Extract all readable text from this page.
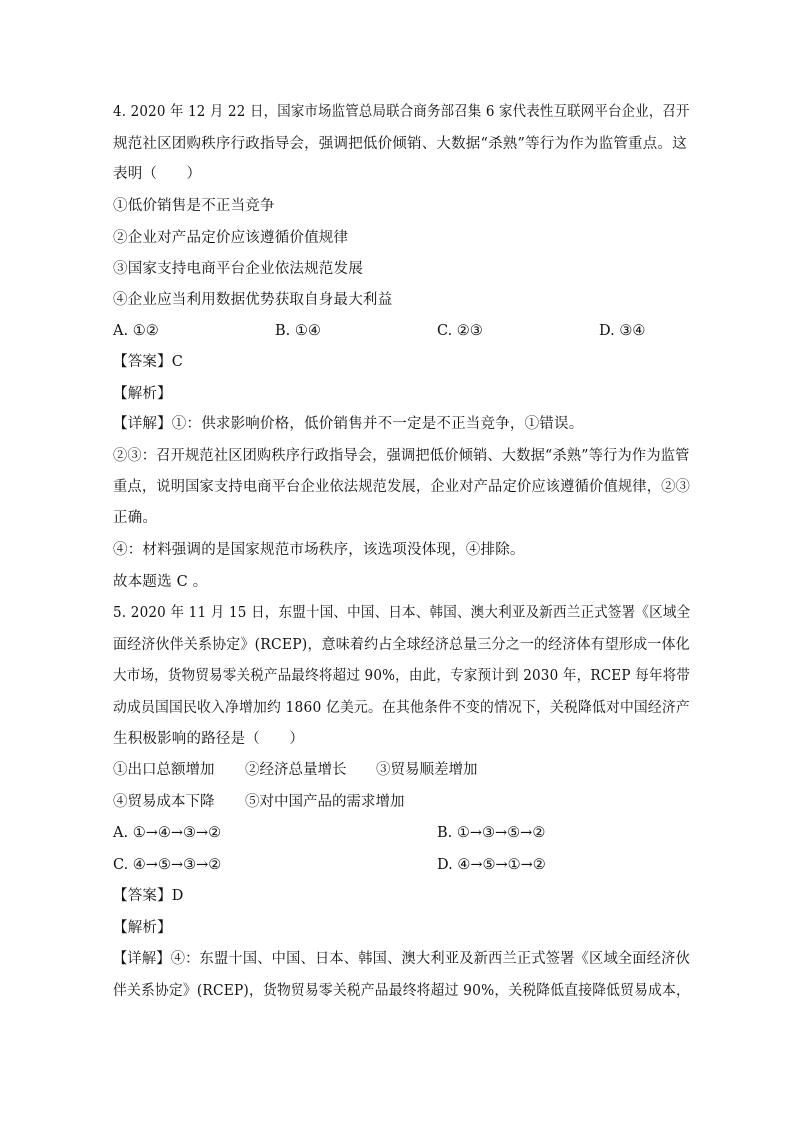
4. 2020 年 12 月 22 日，国家市场监管总局联合商务部召集 6 家代表性互联网平台企业，召开
规范社区团购秩序行政指导会，强调把低价倾销、大数据“杀熟”等行为作为监管重点。这
表明（　　）
①低价销售是不正当竞争
②企业对产品定价应该遵循价值规律
③国家支持电商平台企业依法规范发展
④企业应当利用数据优势获取自身最大利益
A. ①②	B. ①④	C. ②③	D. ③④
【答案】C
【解析】
【详解】①：供求影响价格，低价销售并不一定是不正当竞争，①错误。
②③：召开规范社区团购秩序行政指导会，强调把低价倾销、大数据“杀熟”等行为作为监管
重点，说明国家支持电商平台企业依法规范发展，企业对产品定价应该遵循价值规律，②③
正确。
④：材料强调的是国家规范市场秩序，该选项没体现，④排除。
故本题选 C 。
5. 2020 年 11 月 15 日，东盟十国、中国、日本、韩国、澳大利亚及新西兰正式签署《区域全
面经济伙伴关系协定》(RCEP)，意味着约占全球经济总量三分之一的经济体有望形成一体化
大市场，货物贸易零关税产品最终将超过 90%，由此，专家预计到 2030 年，RCEP 每年将带
动成员国国民收入净增加约 1860 亿美元。在其他条件不变的情况下，关税降低对中国经济产
生积极影响的路径是（　　）
①出口总额增加 ②经济总量增长 ③贸易顺差增加
④贸易成本下降 ⑤对中国产品的需求增加
A. ①→④→③→②	B. ①→③→⑤→②
C. ④→⑤→③→②	D. ④→⑤→①→②
【答案】D
【解析】
【详解】④：东盟十国、中国、日本、韩国、澳大利亚及新西兰正式签署《区域全面经济伙
伴关系协定》(RCEP)，货物贸易零关税产品最终将超过 90%，关税降低直接降低贸易成本，
